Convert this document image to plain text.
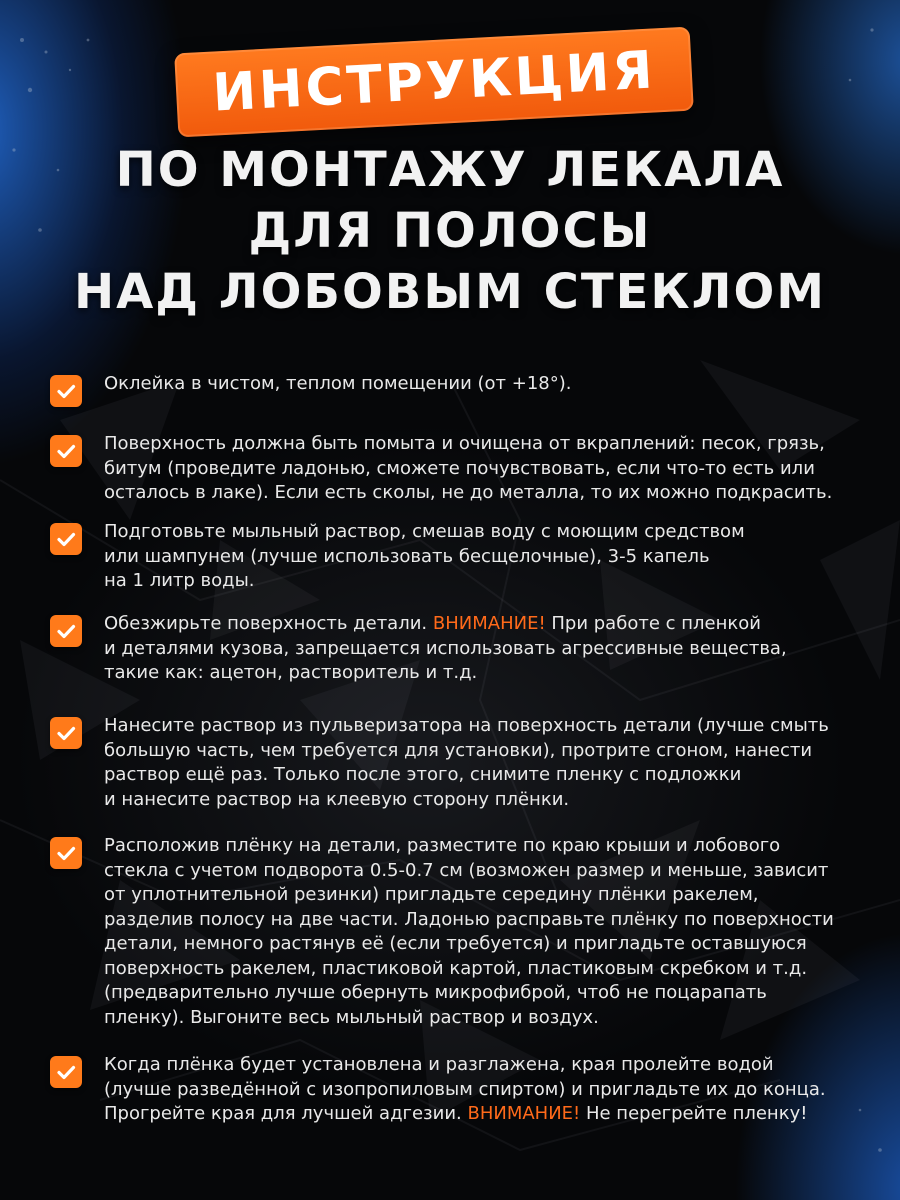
ИНСТРУКЦИЯ
ПО МОНТАЖУ ЛЕКАЛА
ДЛЯ ПОЛОСЫ
НАД ЛОБОВЫМ СТЕКЛОМ
Оклейка в чистом, теплом помещении (от +18°).
Поверхность должна быть помыта и очищена от вкраплений: песок, грязь,
битум (проведите ладонью, сможете почувствовать, если что-то есть или
осталось в лаке). Если есть сколы, не до металла, то их можно подкрасить.
Подготовьте мыльный раствор, смешав воду с моющим средством
или шампунем (лучше использовать бесщелочные), 3-5 капель
на 1 литр воды.
Обезжирьте поверхность детали. ВНИМАНИЕ! При работе с пленкой
и деталями кузова, запрещается использовать агрессивные вещества,
такие как: ацетон, растворитель и т.д.
Нанесите раствор из пульверизатора на поверхность детали (лучше смыть
большую часть, чем требуется для установки), протрите сгоном, нанести
раствор ещё раз. Только после этого, снимите пленку с подложки
и нанесите раствор на клеевую сторону плёнки.
Расположив плёнку на детали, разместите по краю крыши и лобового
стекла с учетом подворота 0.5-0.7 см (возможен размер и меньше, зависит
от уплотнительной резинки) пригладьте середину плёнки ракелем,
разделив полосу на две части. Ладонью расправьте плёнку по поверхности
детали, немного растянув её (если требуется) и пригладьте оставшуюся
поверхность ракелем, пластиковой картой, пластиковым скребком и т.д.
(предварительно лучше обернуть микрофиброй, чтоб не поцарапать
пленку). Выгоните весь мыльный раствор и воздух.
Когда плёнка будет установлена и разглажена, края пролейте водой
(лучше разведённой с изопропиловым спиртом) и пригладьте их до конца.
Прогрейте края для лучшей адгезии. ВНИМАНИЕ! Не перегрейте пленку!
